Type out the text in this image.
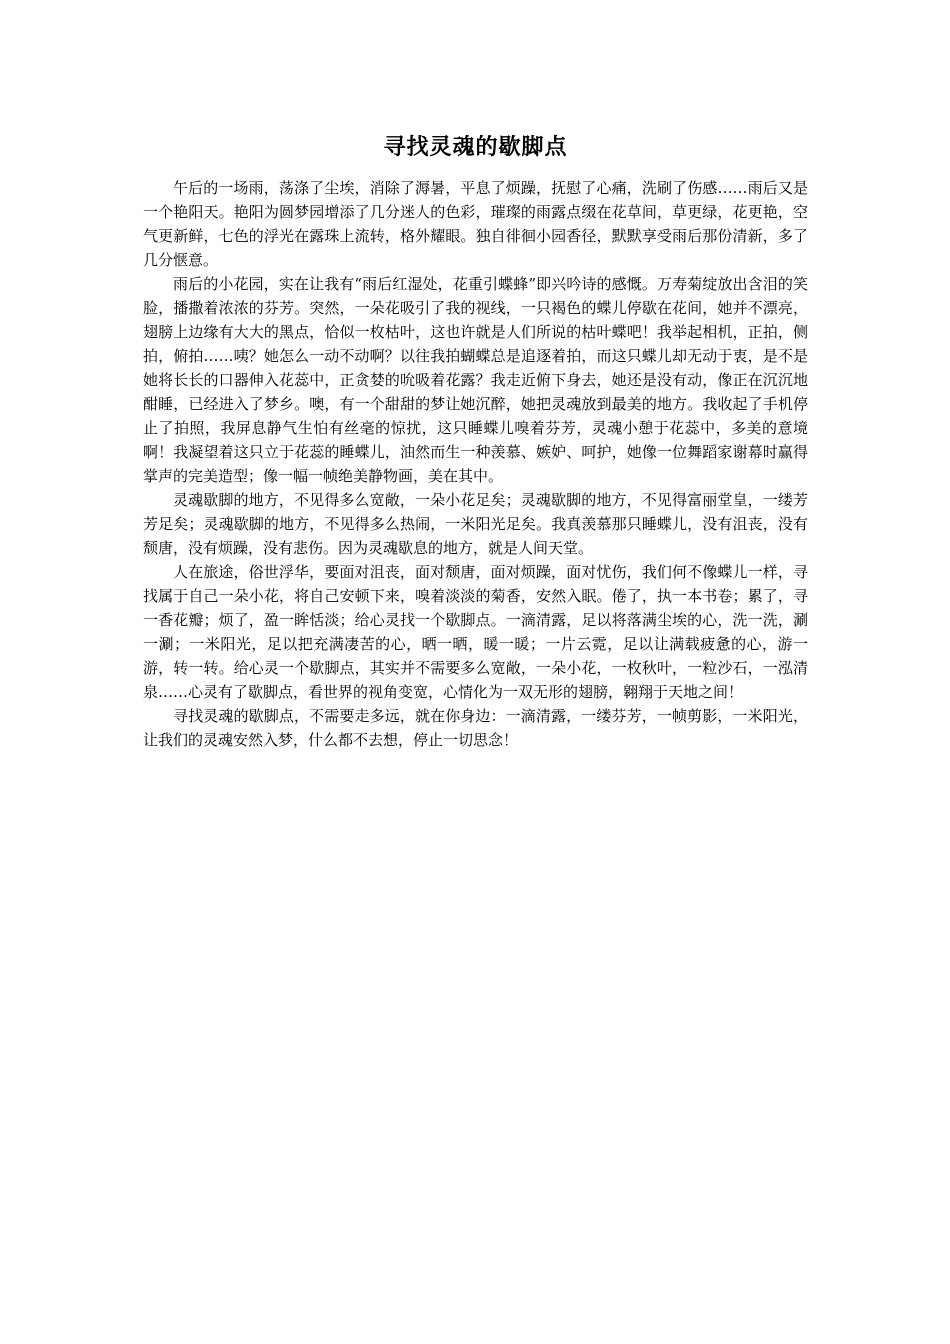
寻找灵魂的歇脚点

午后的一场雨，荡涤了尘埃，消除了溽暑，平息了烦躁，抚慰了心痛，洗刷了伤感……雨后又是一个艳阳天。艳阳为圆梦园增添了几分迷人的色彩，璀璨的雨露点缀在花草间，草更绿，花更艳，空气更新鲜，七色的浮光在露珠上流转，格外耀眼。独自徘徊小园香径，默默享受雨后那份清新，多了几分惬意。

雨后的小花园，实在让我有“雨后红湿处，花重引蝶蜂”即兴吟诗的感慨。万寿菊绽放出含泪的笑脸，播撒着浓浓的芬芳。突然，一朵花吸引了我的视线，一只褐色的蝶儿停歇在花间，她并不漂亮，翅膀上边缘有大大的黑点，恰似一枚枯叶，这也许就是人们所说的枯叶蝶吧！我举起相机，正拍，侧拍，俯拍……咦？她怎么一动不动啊？以往我拍蝴蝶总是追逐着拍，而这只蝶儿却无动于衷，是不是她将长长的口器伸入花蕊中，正贪婪的吮吸着花露？我走近俯下身去，她还是没有动，像正在沉沉地酣睡，已经进入了梦乡。噢，有一个甜甜的梦让她沉醉，她把灵魂放到最美的地方。我收起了手机停止了拍照，我屏息静气生怕有丝毫的惊扰，这只睡蝶儿嗅着芬芳，灵魂小憩于花蕊中，多美的意境啊！我凝望着这只立于花蕊的睡蝶儿，油然而生一种羡慕、嫉妒、呵护，她像一位舞蹈家谢幕时赢得掌声的完美造型；像一幅一帧绝美静物画，美在其中。

灵魂歇脚的地方，不见得多么宽敞，一朵小花足矣；灵魂歇脚的地方，不见得富丽堂皇，一缕芳芳足矣；灵魂歇脚的地方，不见得多么热闹，一米阳光足矣。我真羡慕那只睡蝶儿，没有沮丧，没有颓唐，没有烦躁，没有悲伤。因为灵魂歇息的地方，就是人间天堂。

人在旅途，俗世浮华，要面对沮丧，面对颓唐，面对烦躁，面对忧伤，我们何不像蝶儿一样，寻找属于自己一朵小花，将自己安顿下来，嗅着淡淡的菊香，安然入眠。倦了，执一本书卷；累了，寻一香花瓣；烦了，盈一眸恬淡；给心灵找一个歇脚点。一滴清露，足以将落满尘埃的心，洗一洗，涮一涮；一米阳光，足以把充满凄苦的心，晒一晒，暖一暖；一片云霓，足以让满载疲惫的心，游一游，转一转。给心灵一个歇脚点，其实并不需要多么宽敞，一朵小花，一枚秋叶，一粒沙石，一泓清泉……心灵有了歇脚点，看世界的视角变宽，心情化为一双无形的翅膀，翱翔于天地之间！

寻找灵魂的歇脚点，不需要走多远，就在你身边：一滴清露，一缕芬芳，一帧剪影，一米阳光，让我们的灵魂安然入梦，什么都不去想，停止一切思念！
